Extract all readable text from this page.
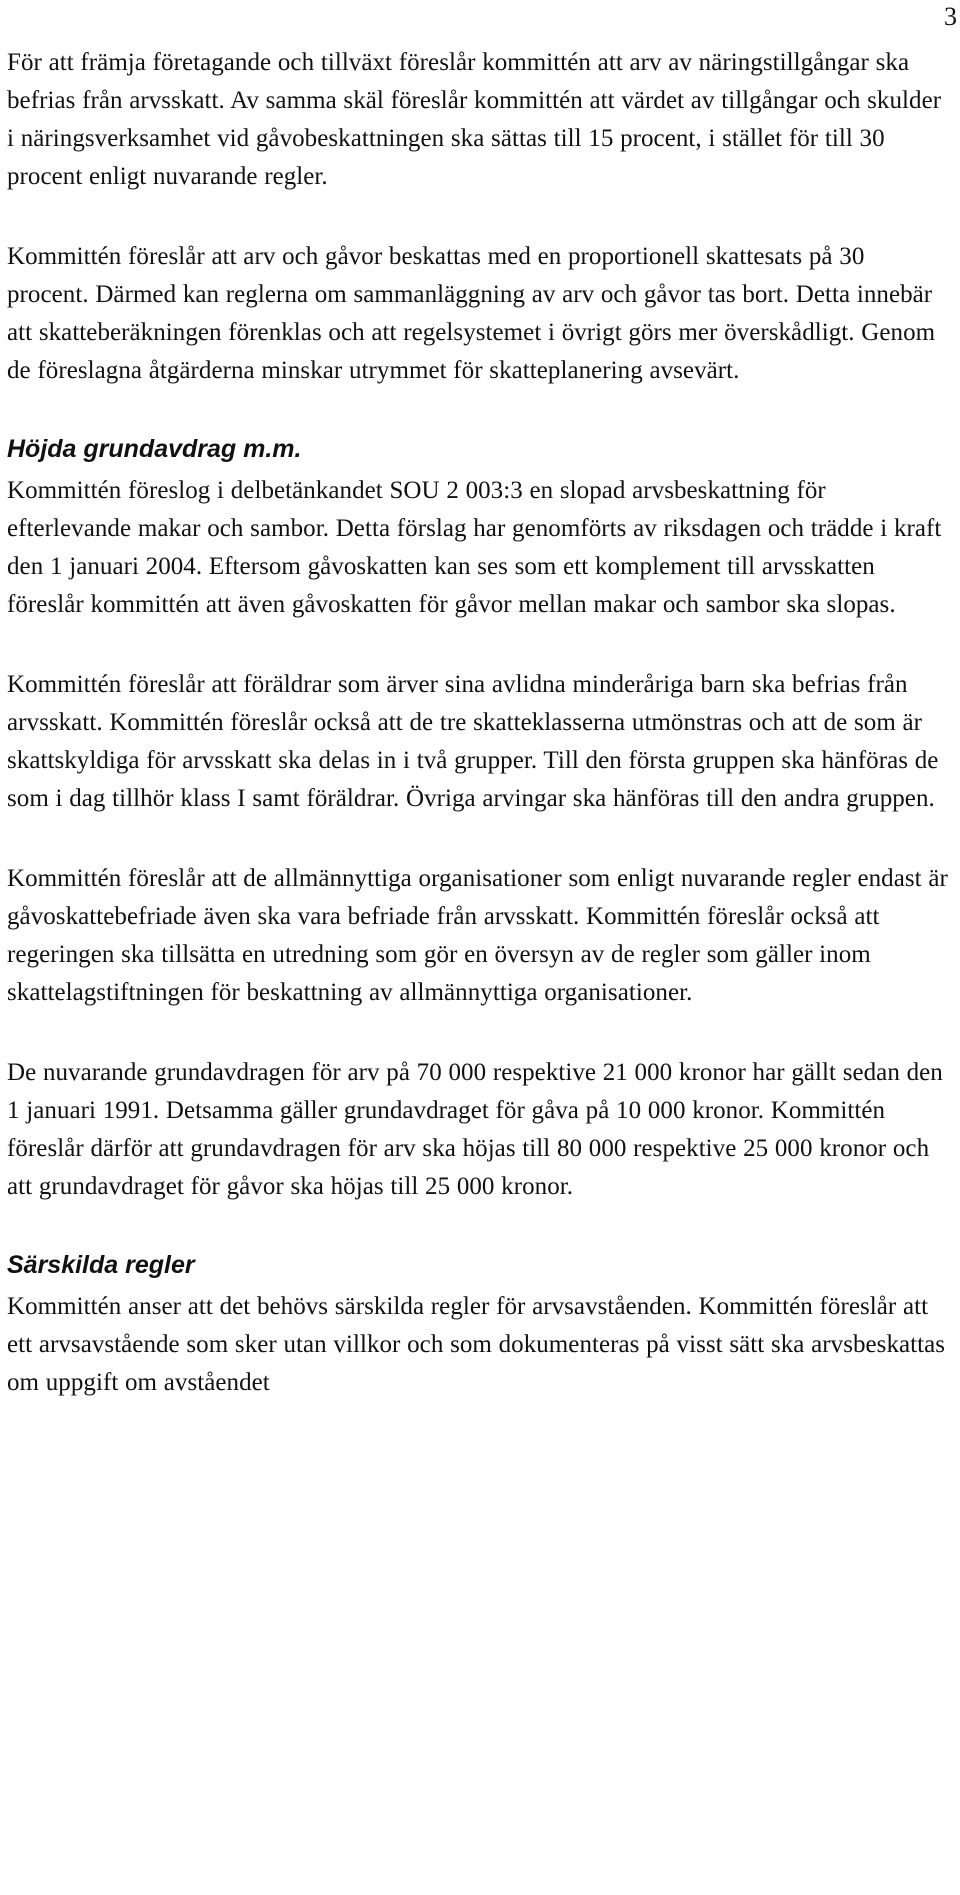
3

För att främja företagande och tillväxt föreslår kommittén att arv av näringstillgångar ska befrias från arvsskatt. Av samma skäl föreslår kommittén att värdet av tillgångar och skulder i näringsverksamhet vid gåvobeskattningen ska sättas till 15 procent, i stället för till 30 procent enligt nuvarande regler.

Kommittén föreslår att arv och gåvor beskattas med en proportionell skattesats på 30 procent. Därmed kan reglerna om sammanläggning av arv och gåvor tas bort. Detta innebär att skatteberäkningen förenklas och att regelsystemet i övrigt görs mer överskådligt. Genom de föreslagna åtgärderna minskar utrymmet för skatteplanering avsevärt.

Höjda grundavdrag m.m.

Kommittén föreslog i delbetänkandet SOU 2 003:3 en slopad arvsbeskattning för efterlevande makar och sambor. Detta förslag har genomförts av riksdagen och trädde i kraft den 1 januari 2004. Eftersom gåvoskatten kan ses som ett komplement till arvsskatten föreslår kommittén att även gåvoskatten för gåvor mellan makar och sambor ska slopas.

Kommittén föreslår att föräldrar som ärver sina avlidna minderåriga barn ska befrias från arvsskatt. Kommittén föreslår också att de tre skatteklasserna utmönstras och att de som är skattskyldiga för arvsskatt ska delas in i två grupper. Till den första gruppen ska hänföras de som i dag tillhör klass I samt föräldrar. Övriga arvingar ska hänföras till den andra gruppen.

Kommittén föreslår att de allmännyttiga organisationer som enligt nuvarande regler endast är gåvoskattebefriade även ska vara befriade från arvsskatt. Kommittén föreslår också att regeringen ska tillsätta en utredning som gör en översyn av de regler som gäller inom skattelagstiftningen för beskattning av allmännyttiga organisationer.

De nuvarande grundavdragen för arv på 70 000 respektive 21 000 kronor har gällt sedan den 1 januari 1991. Detsamma gäller grundavdraget för gåva på 10 000 kronor. Kommittén föreslår därför att grundavdragen för arv ska höjas till 80 000 respektive 25 000 kronor och att grundavdraget för gåvor ska höjas till 25 000 kronor.

Särskilda regler

Kommittén anser att det behövs särskilda regler för arvsavståenden. Kommittén föreslår att ett arvsavstående som sker utan villkor och som dokumenteras på visst sätt ska arvsbeskattas om uppgift om avståendet
